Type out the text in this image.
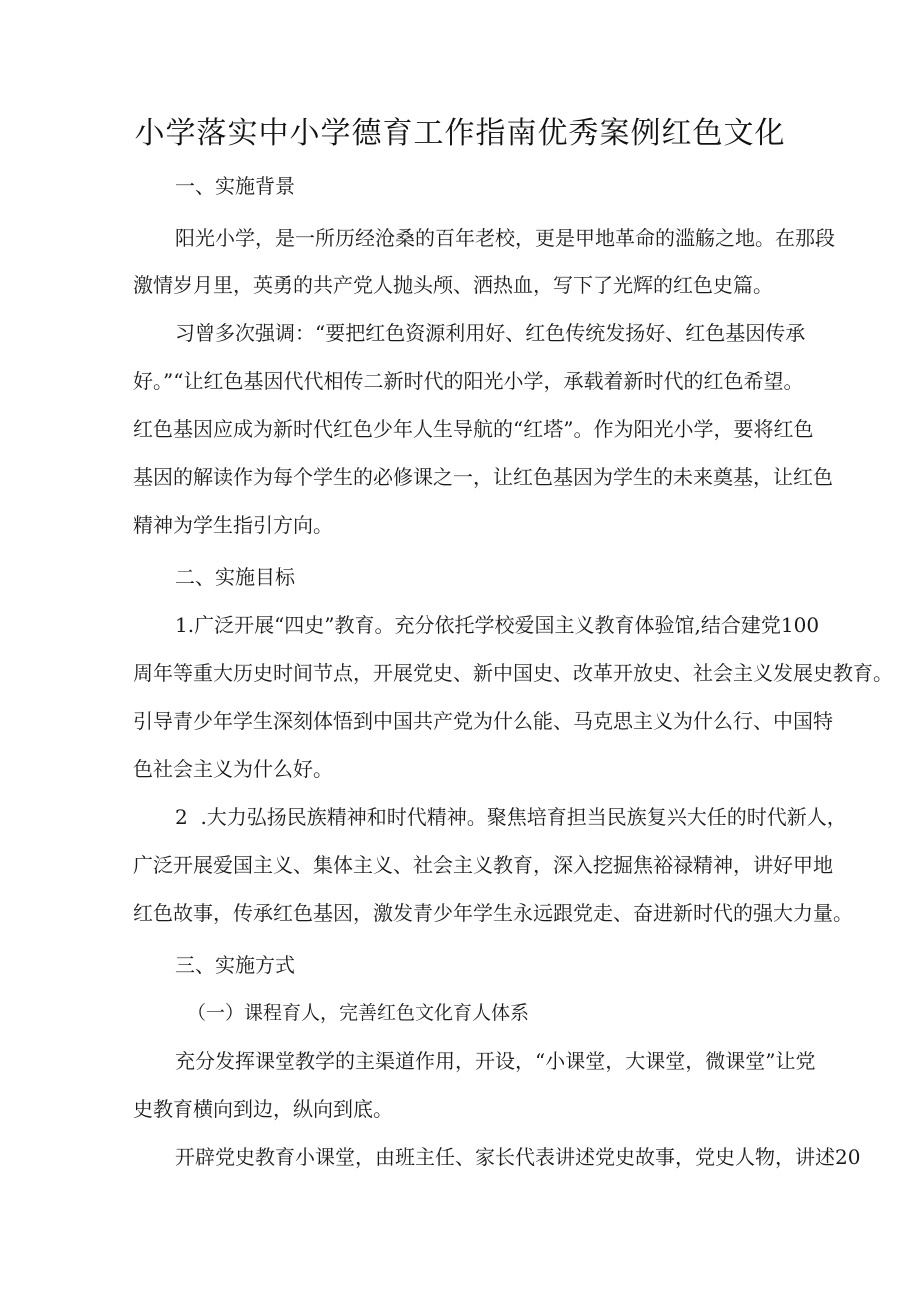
小学落实中小学德育工作指南优秀案例红色文化
一、实施背景
阳光小学，是一所历经沧桑的百年老校，更是甲地革命的滥觞之地。在那段
激情岁月里，英勇的共产党人抛头颅、洒热血，写下了光辉的红色史篇。
习曾多次强调：“要把红色资源利用好、红色传统发扬好、红色基因传承
好。”“让红色基因代代相传二新时代的阳光小学，承载着新时代的红色希望。
红色基因应成为新时代红色少年人生导航的“红塔”。作为阳光小学，要将红色
基因的解读作为每个学生的必修课之一，让红色基因为学生的未来奠基，让红色
精神为学生指引方向。
二、实施目标
1.广泛开展“四史”教育。充分依托学校爱国主义教育体验馆,结合建党100
周年等重大历史时间节点，开展党史、新中国史、改革开放史、社会主义发展史教育。
引导青少年学生深刻体悟到中国共产党为什么能、马克思主义为什么行、中国特
色社会主义为什么好。
2  .大力弘扬民族精神和时代精神。聚焦培育担当民族复兴大任的时代新人，
广泛开展爱国主义、集体主义、社会主义教育，深入挖掘焦裕禄精神，讲好甲地
红色故事，传承红色基因，激发青少年学生永远跟党走、奋进新时代的强大力量。
三、实施方式
（一）课程育人，完善红色文化育人体系
充分发挥课堂教学的主渠道作用，开设，“小课堂，大课堂，微课堂”让党
史教育横向到边，纵向到底。
开辟党史教育小课堂，由班主任、家长代表讲述党史故事，党史人物，讲述20
